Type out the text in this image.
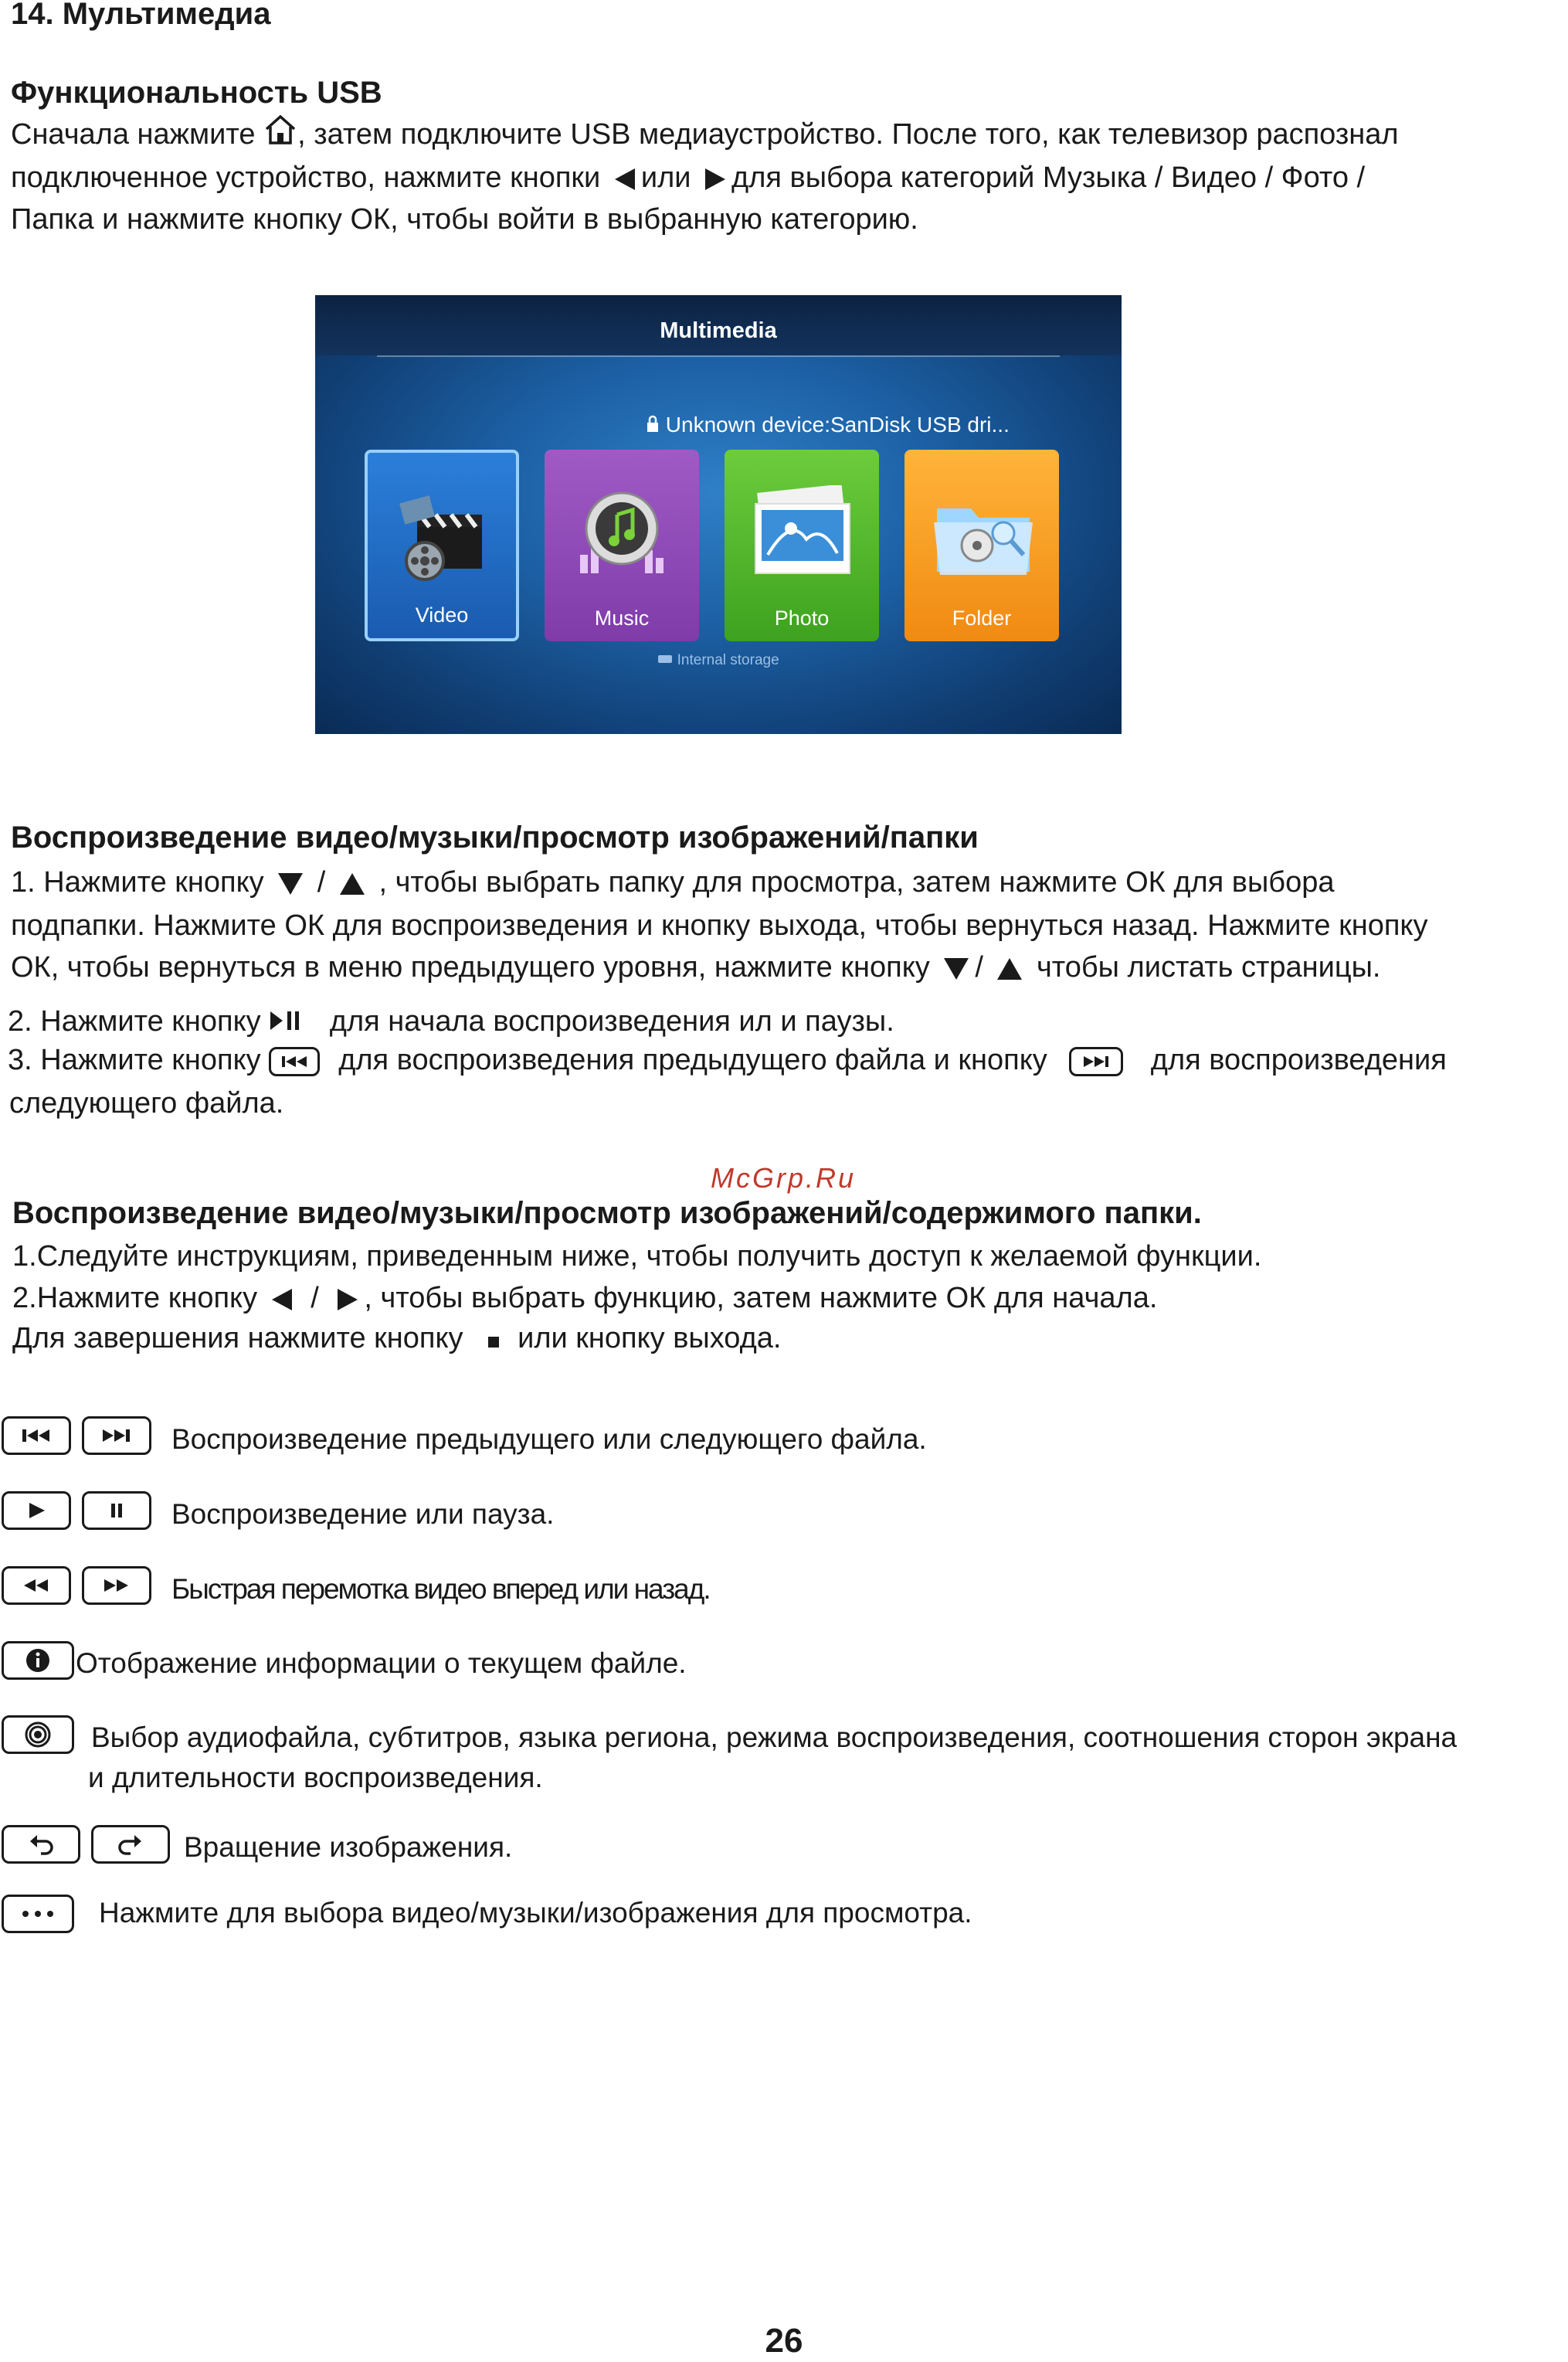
14. Мультимедиа
Функциональность USB
Сначала нажмите , затем подключите USB медиаустройство. После того, как телевизор распознал
подключенное устройство, нажмите кнопки или для выбора категорий Музыка / Видео / Фото /
Папка и нажмите кнопку ОК, чтобы войти в выбранную категорию.
Multimedia
Unknown device:SanDisk USB dri...
Video	Music	Photo	Folder
Internal storage
Воспроизведение видео/музыки/просмотр изображений/папки
1. Нажмите кнопку  /  , чтобы выбрать папку для просмотра, затем нажмите ОК для выбора
подпапки. Нажмите ОК для воспроизведения и кнопку выхода, чтобы вернуться назад. Нажмите кнопку
ОК, чтобы вернуться в меню предыдущего уровня, нажмите кнопку /  чтобы листать страницы.
2. Нажмите кнопку  для начала воспроизведения ил и паузы.
3. Нажмите кнопку
для воспроизведения предыдущего файла и кнопку	для воспроизведения
следующего файла.
McGrp.Ru
Воспроизведение видео/музыки/просмотр изображений/содержимого папки.
1.Следуйте инструкциям, приведенным ниже, чтобы получить доступ к желаемой функции.
2.Нажмите кнопку  / , чтобы выбрать функцию, затем нажмите ОК для начала.
Для завершения нажмите кнопку или кнопку выхода.

Воспроизведение предыдущего или следующего файла.

Воспроизведение или пауза.

Быстрая перемотка видео вперед или назад.
Отображение информации о текущем файле.
Выбор аудиофайла, субтитров, языка региона, режима воспроизведения, соотношения сторон экрана
и длительности воспроизведения.

Вращение изображения.
Нажмите для выбора видео/музыки/изображения для просмотра.
26
